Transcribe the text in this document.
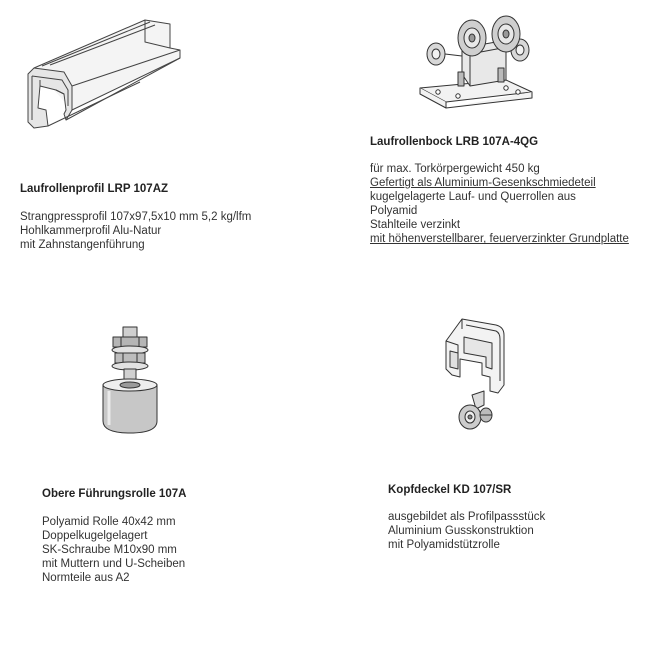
Laufrollenprofil LRP 107AZ
Strangpressprofil 107x97,5x10 mm 5,2 kg/lfm
Hohlkammerprofil Alu-Natur
mit Zahnstangenführung
Laufrollenbock LRB 107A-4QG
für max. Torkörpergewicht 450 kg
Gefertigt als Aluminium-Gesenkschmiedeteil
kugelgelagerte Lauf- und Querrollen aus
Polyamid
Stahlteile verzinkt
mit höhenverstellbarer, feuerverzinkter Grundplatte
Obere Führungsrolle 107A
Polyamid Rolle 40x42 mm
Doppelkugelgelagert
SK-Schraube M10x90 mm
mit Muttern und U-Scheiben
Normteile aus A2
Kopfdeckel KD 107/SR
ausgebildet als Profilpassstück
Aluminium Gusskonstruktion
mit Polyamidstützrolle
